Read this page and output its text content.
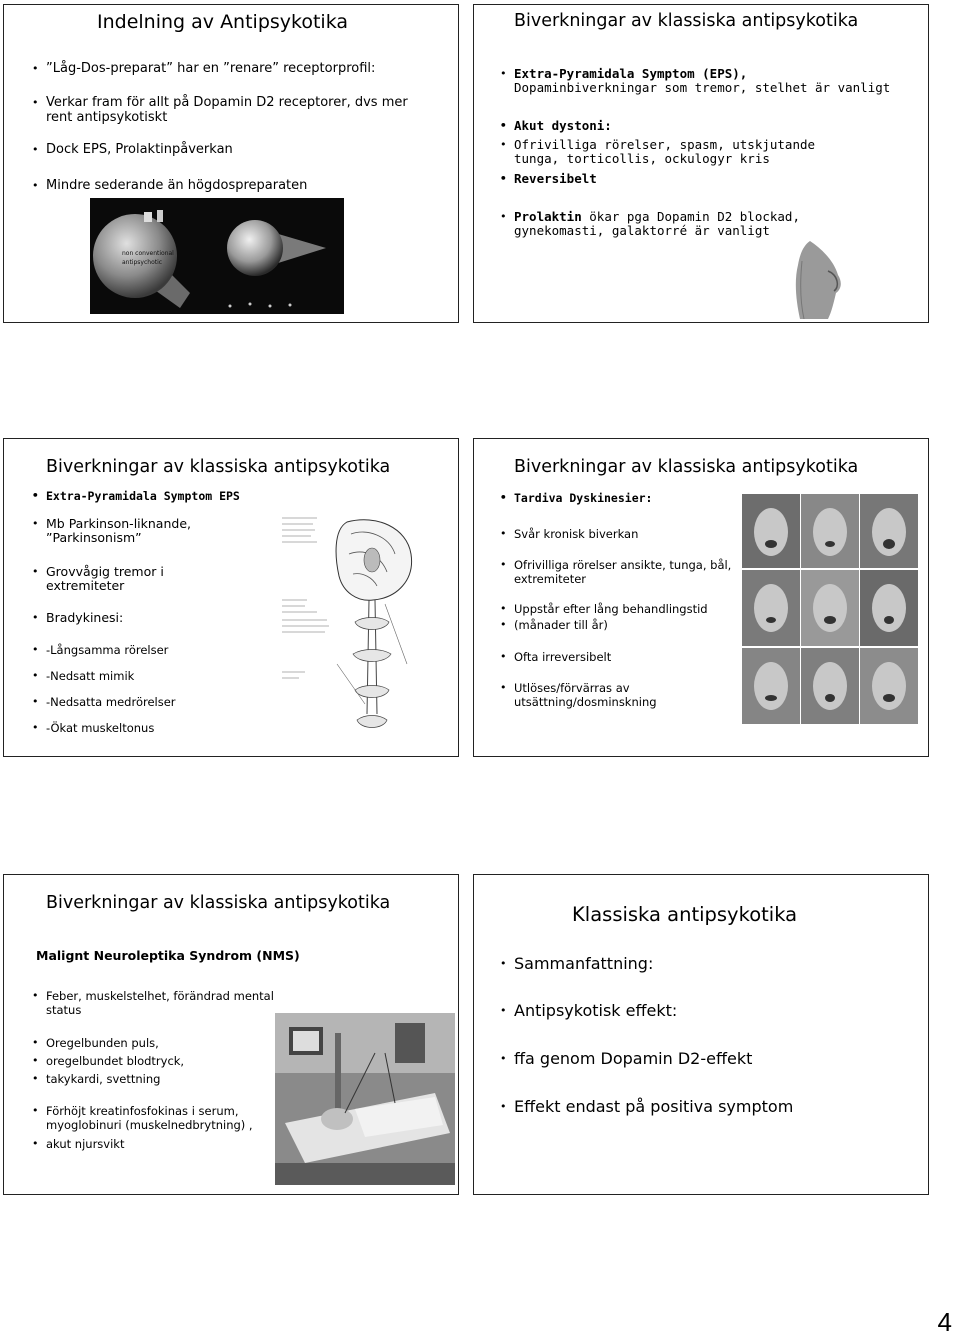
Indelning av Antipsykotika
• ”Låg-Dos-preparat” har en ”renare” receptorprofil:
• Verkar fram för allt på Dopamin D2 receptorer, dvs mer rent antipsykotiskt
• Dock EPS, Prolaktinpåverkan
• Mindre sederande än högdospreparaten
non conventional
antipsychotic
Biverkningar av klassiska antipsykotika
• Extra-Pyramidala Symptom (EPS),
Dopaminbiverkningar som tremor, stelhet är vanligt
• Akut dystoni:
• Ofrivilliga rörelser, spasm, utskjutande tunga, torticollis, ockulogyr kris
• Reversibelt
• Prolaktin ökar pga Dopamin D2 blockad, gynekomasti, galaktorré är vanligt
Biverkningar av klassiska antipsykotika
• Extra-Pyramidala Symptom EPS
• Mb Parkinson-liknande, ”Parkinsonism”
• Grovvågig tremor i extremiteter
• Bradykinesi:
• -Långsamma rörelser
• -Nedsatt mimik
• -Nedsatta medrörelser
• -Ökat muskeltonus
Biverkningar av klassiska antipsykotika
• Tardiva Dyskinesier:
• Svår kronisk biverkan
• Ofrivilliga rörelser ansikte, tunga, bål, extremiteter
• Uppstår efter lång behandlingstid
• (månader till år)
• Ofta irreversibelt
• Utlöses/förvärras av utsättning/dosminskning
Biverkningar av klassiska antipsykotika
Malignt Neuroleptika Syndrom (NMS)
• Feber, muskelstelhet, förändrad mental status
• Oregelbunden puls,
• oregelbundet blodtryck,
• takykardi, svettning
• Förhöjt kreatinfosfokinas i serum, myoglobinuri (muskelnedbrytning) ,
• akut njursvikt
Klassiska antipsykotika
• Sammanfattning:
• Antipsykotisk effekt:
• ffa genom Dopamin D2-effekt
• Effekt endast på positiva symptom
4
